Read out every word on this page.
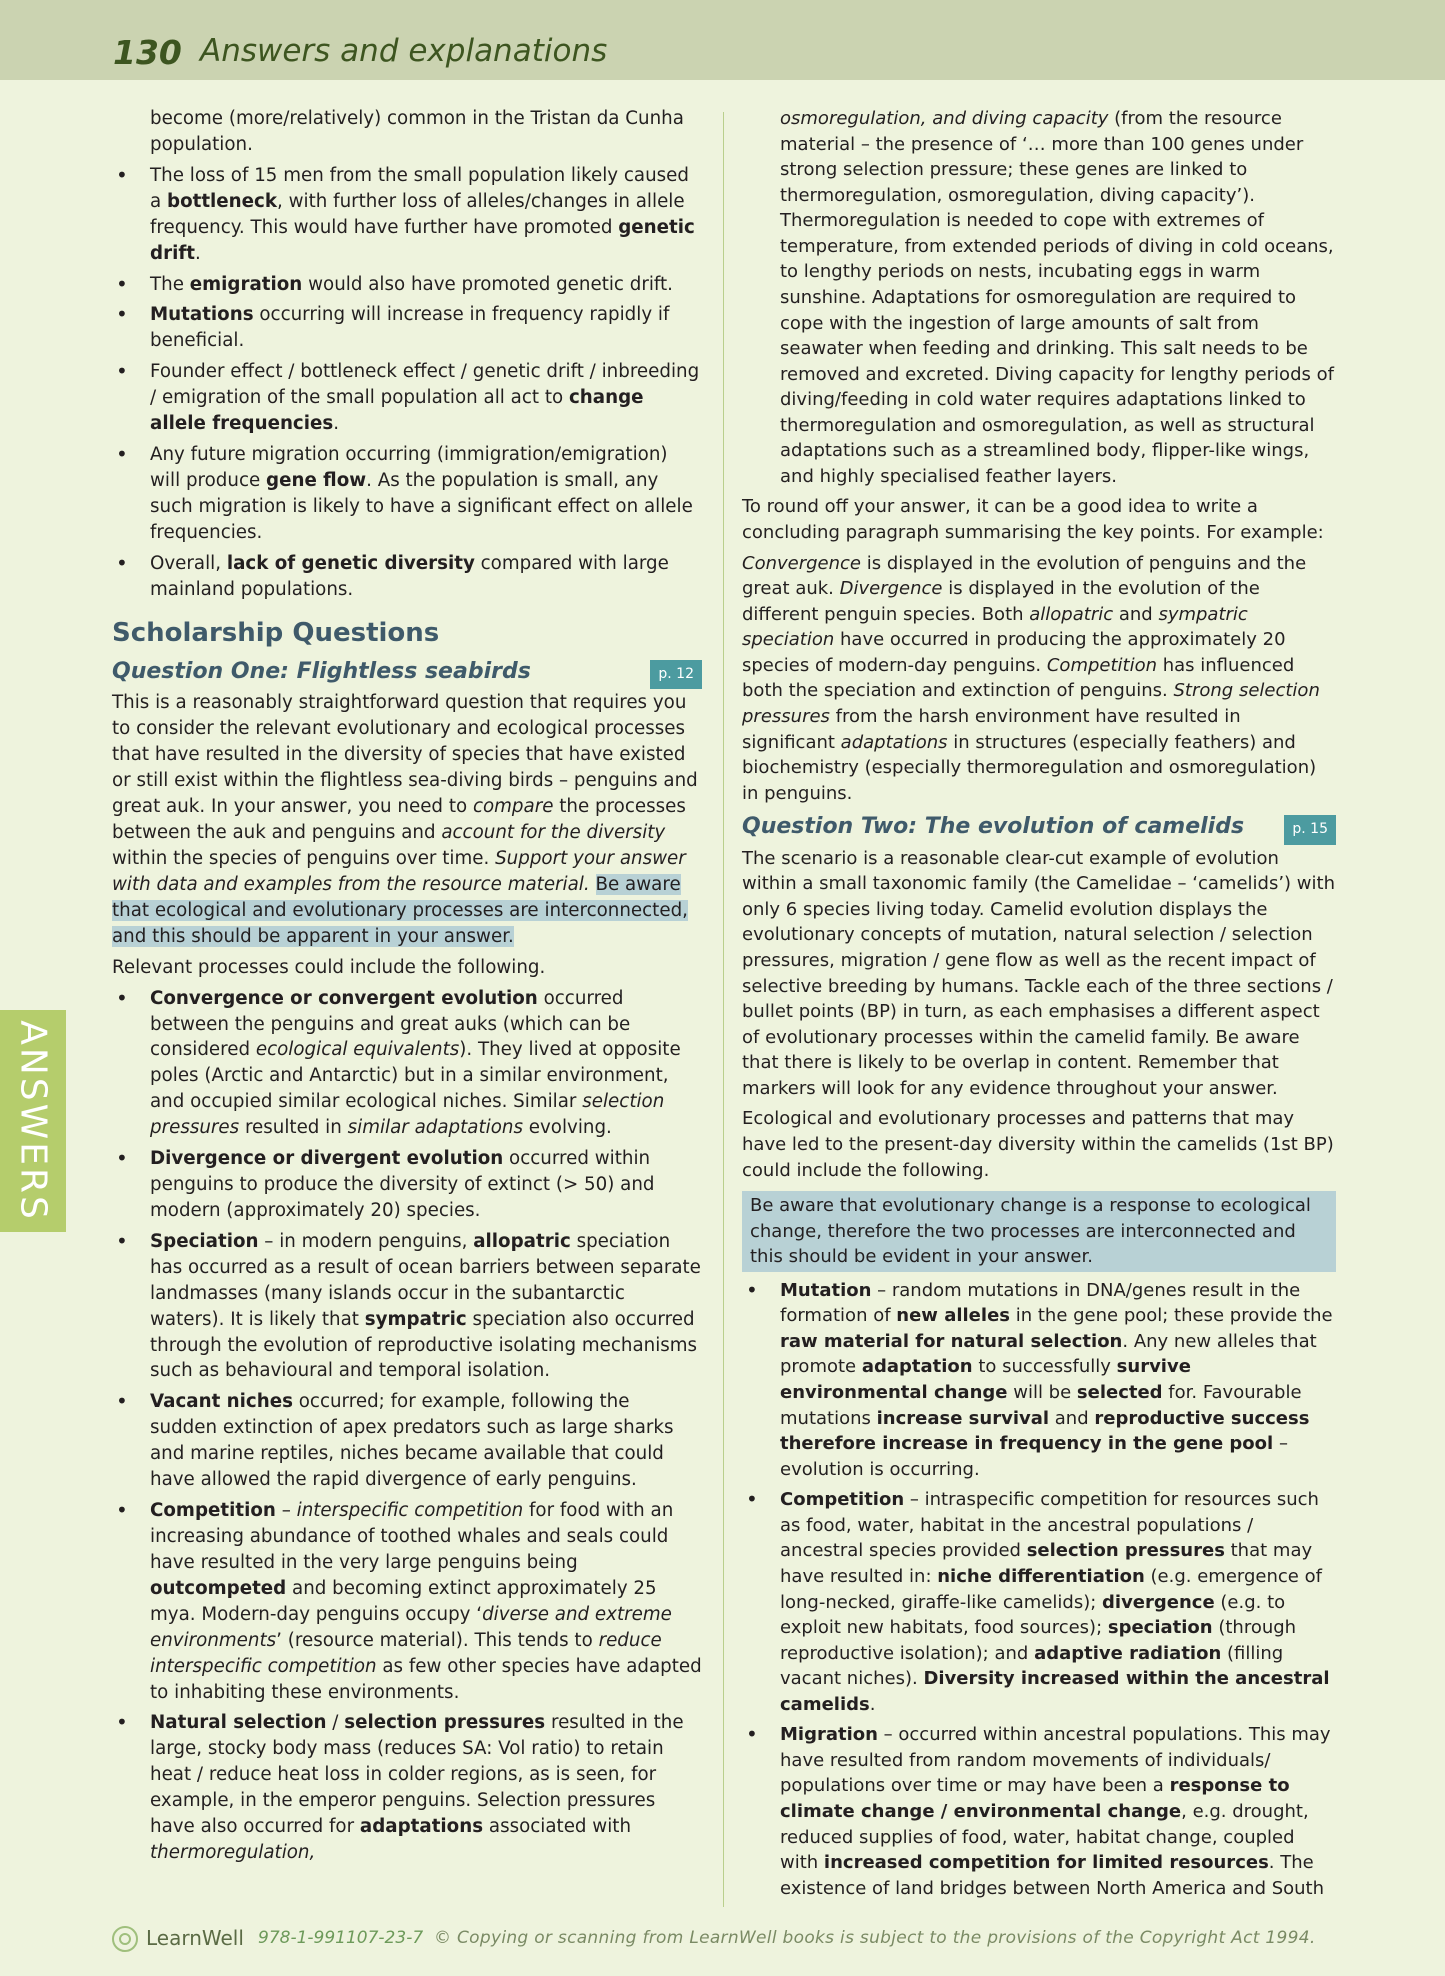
130 Answers and explanations
ANSWERS

become (more/relatively) common in the Tristan da Cunha population.

• The loss of 15 men from the small population likely caused a bottleneck, with further loss of alleles/changes in allele frequency. This would have further have promoted genetic drift.
• The emigration would also have promoted genetic drift.
• Mutations occurring will increase in frequency rapidly if beneficial.
• Founder effect / bottleneck effect / genetic drift / inbreeding / emigration of the small population all act to change allele frequencies.
• Any future migration occurring (immigration/emigration) will produce gene flow. As the population is small, any such migration is likely to have a significant effect on allele frequencies.
• Overall, lack of genetic diversity compared with large mainland populations.
Scholarship Questions
Question One: Flightless seabirds	p. 12

This is a reasonably straightforward question that requires you to consider the relevant evolutionary and ecological processes that have resulted in the diversity of species that have existed or still exist within the flightless sea-diving birds – penguins and great auk. In your answer, you need to compare the processes between the auk and penguins and account for the diversity within the species of penguins over time. Support your answer with data and examples from the resource material. Be aware that ecological and evolutionary processes are interconnected, and this should be apparent in your answer.

Relevant processes could include the following.

• Convergence or convergent evolution occurred between the penguins and great auks (which can be considered ecological equivalents). They lived at opposite poles (Arctic and Antarctic) but in a similar environment, and occupied similar ecological niches. Similar selection pressures resulted in similar adaptations evolving.
• Divergence or divergent evolution occurred within penguins to produce the diversity of extinct (> 50) and modern (approximately 20) species.
• Speciation – in modern penguins, allopatric speciation has occurred as a result of ocean barriers between separate landmasses (many islands occur in the subantarctic waters). It is likely that sympatric speciation also occurred through the evolution of reproductive isolating mechanisms such as behavioural and temporal isolation.
• Vacant niches occurred; for example, following the sudden extinction of apex predators such as large sharks and marine reptiles, niches became available that could have allowed the rapid divergence of early penguins.
• Competition – interspecific competition for food with an increasing abundance of toothed whales and seals could have resulted in the very large penguins being outcompeted and becoming extinct approximately 25 mya. Modern-day penguins occupy ‘diverse and extreme environments’ (resource material). This tends to reduce interspecific competition as few other species have adapted to inhabiting these environments.
• Natural selection / selection pressures resulted in the large, stocky body mass (reduces SA: Vol ratio) to retain heat / reduce heat loss in colder regions, as is seen, for example, in the emperor penguins. Selection pressures have also occurred for adaptations associated with thermoregulation,

osmoregulation, and diving capacity (from the resource material – the presence of ‘… more than 100 genes under strong selection pressure; these genes are linked to thermoregulation, osmoregulation, diving capacity’). Thermoregulation is needed to cope with extremes of temperature, from extended periods of diving in cold oceans, to lengthy periods on nests, incubating eggs in warm sunshine. Adaptations for osmoregulation are required to cope with the ingestion of large amounts of salt from seawater when feeding and drinking. This salt needs to be removed and excreted. Diving capacity for lengthy periods of diving/feeding in cold water requires adaptations linked to thermoregulation and osmoregulation, as well as structural adaptations such as a streamlined body, flipper-like wings, and highly specialised feather layers.

To round off your answer, it can be a good idea to write a concluding paragraph summarising the key points. For example:

Convergence is displayed in the evolution of penguins and the great auk. Divergence is displayed in the evolution of the different penguin species. Both allopatric and sympatric speciation have occurred in producing the approximately 20 species of modern-day penguins. Competition has influenced both the speciation and extinction of penguins. Strong selection pressures from the harsh environment have resulted in significant adaptations in structures (especially feathers) and biochemistry (especially thermoregulation and osmoregulation) in penguins.

Question Two: The evolution of camelids	p. 15

The scenario is a reasonable clear-cut example of evolution within a small taxonomic family (the Camelidae – ‘camelids’) with only 6 species living today. Camelid evolution displays the evolutionary concepts of mutation, natural selection / selection pressures, migration / gene flow as well as the recent impact of selective breeding by humans. Tackle each of the three sections / bullet points (BP) in turn, as each emphasises a different aspect of evolutionary processes within the camelid family. Be aware that there is likely to be overlap in content. Remember that markers will look for any evidence throughout your answer.

Ecological and evolutionary processes and patterns that may have led to the present-day diversity within the camelids (1st BP) could include the following.

Be aware that evolutionary change is a response to ecological change, therefore the two processes are interconnected and this should be evident in your answer.
• Mutation – random mutations in DNA/genes result in the formation of new alleles in the gene pool; these provide the raw material for natural selection. Any new alleles that promote adaptation to successfully survive environmental change will be selected for. Favourable mutations increase survival and reproductive success therefore increase in frequency in the gene pool – evolution is occurring.
• Competition – intraspecific competition for resources such as food, water, habitat in the ancestral populations / ancestral species provided selection pressures that may have resulted in: niche differentiation (e.g. emergence of long-necked, giraffe-like camelids); divergence (e.g. to exploit new habitats, food sources); speciation (through reproductive isolation); and adaptive radiation (filling vacant niches). Diversity increased within the ancestral camelids.
• Migration – occurred within ancestral populations. This may have resulted from random movements of individuals/ populations over time or may have been a response to climate change / environmental change, e.g. drought, reduced supplies of food, water, habitat change, coupled with increased competition for limited resources. The existence of land bridges between North America and South
LearnWell 978-1-991107-23-7 © Copying or scanning from LearnWell books is subject to the provisions of the Copyright Act 1994.
